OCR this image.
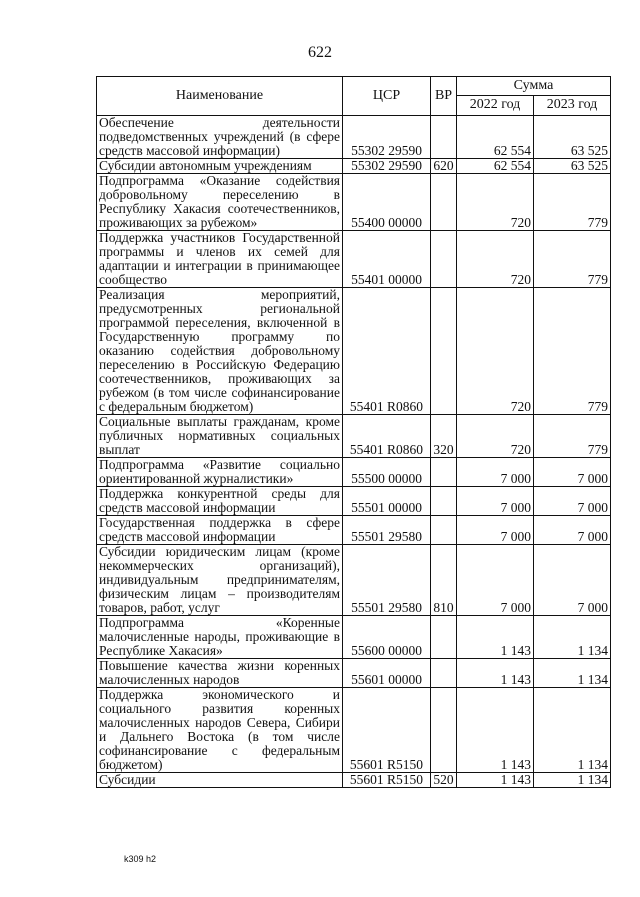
622
Наименование	ЦСР	ВР	Сумма	
			2022 год	2023 год
Обеспечение деятельности подведомственных учреждений (в сфере средств массовой информации)	55302 29590		62 554	63 525
Субсидии автономным учреждениям	55302 29590	620	62 554	63 525
Подпрограмма «Оказание содействия добровольному переселению в Республику Хакасия соотечественников, проживающих за рубежом»	55400 00000		720	779
Поддержка участников Государственной программы и членов их семей для адаптации и интеграции в принимающее сообщество	55401 00000		720	779
Реализация мероприятий, предусмотренных региональной программой переселения, включенной в Государственную программу по оказанию содействия добровольному переселению в Российскую Федерацию соотечественников, проживающих за рубежом (в том числе софинансирование с федеральным бюджетом)	55401 R0860		720	779
Социальные выплаты гражданам, кроме публичных нормативных социальных выплат	55401 R0860	320	720	779
Подпрограмма «Развитие социально ориентированной журналистики»	55500 00000		7 000	7 000
Поддержка конкурентной среды для средств массовой информации	55501 00000		7 000	7 000
Государственная поддержка в сфере средств массовой информации	55501 29580		7 000	7 000
Субсидии юридическим лицам (кроме некоммерческих организаций), индивидуальным предпринимателям, физическим лицам – производителям товаров, работ, услуг	55501 29580	810	7 000	7 000
Подпрограмма «Коренные малочисленные народы, проживающие в Республике Хакасия»	55600 00000		1 143	1 134
Повышение качества жизни коренных малочисленных народов	55601 00000		1 143	1 134
Поддержка экономического и социального развития коренных малочисленных народов Севера, Сибири и Дальнего Востока (в том числе софинансирование с федеральным бюджетом)	55601 R5150		1 143	1 134
Субсидии	55601 R5150	520	1 143	1 134
k309 h2
